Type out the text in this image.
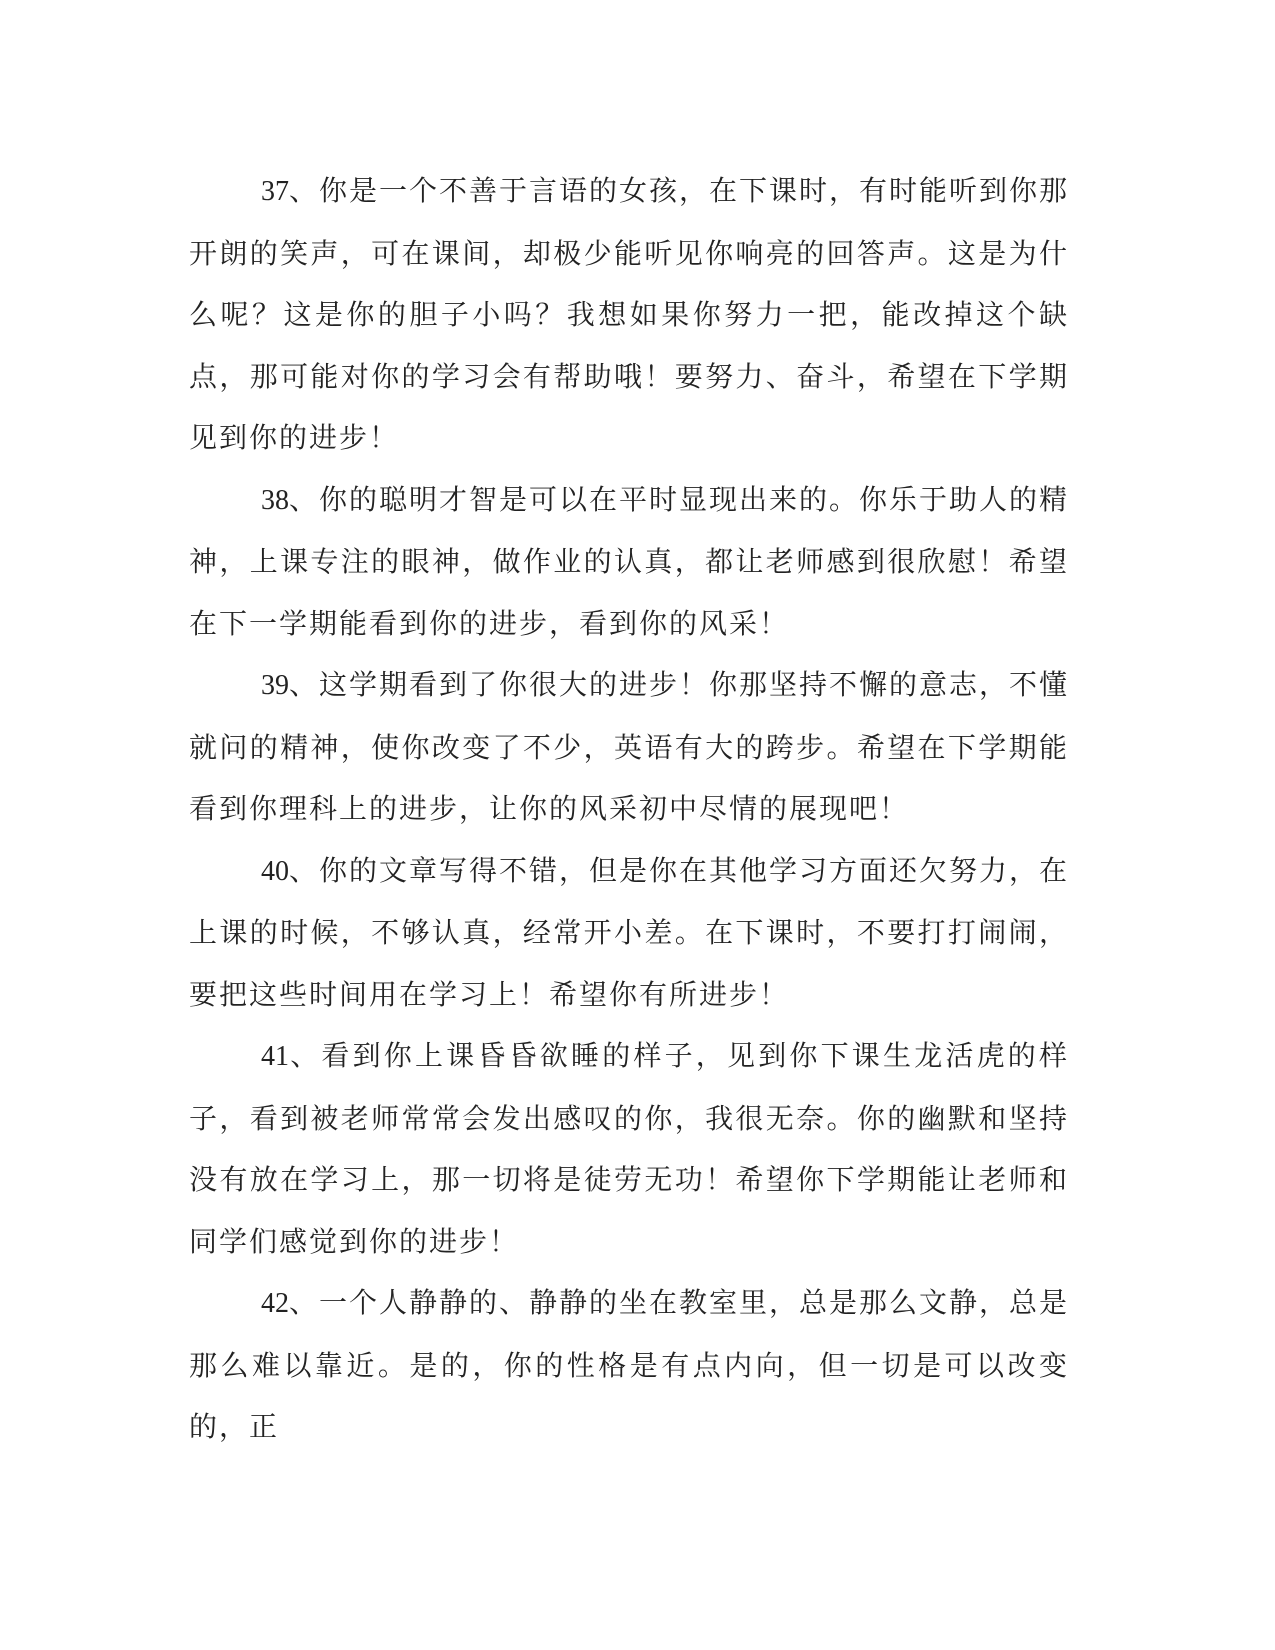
37、你是一个不善于言语的女孩，在下课时，有时能听到你那开朗的笑声，可在课间，却极少能听见你响亮的回答声。这是为什么呢？这是你的胆子小吗？我想如果你努力一把，能改掉这个缺点，那可能对你的学习会有帮助哦！要努力、奋斗，希望在下学期见到你的进步！

38、你的聪明才智是可以在平时显现出来的。你乐于助人的精神，上课专注的眼神，做作业的认真，都让老师感到很欣慰！希望在下一学期能看到你的进步，看到你的风采！

39、这学期看到了你很大的进步！你那坚持不懈的意志，不懂就问的精神，使你改变了不少，英语有大的跨步。希望在下学期能看到你理科上的进步，让你的风采初中尽情的展现吧！

40、你的文章写得不错，但是你在其他学习方面还欠努力，在上课的时候，不够认真，经常开小差。在下课时，不要打打闹闹，要把这些时间用在学习上！希望你有所进步！

41、看到你上课昏昏欲睡的样子，见到你下课生龙活虎的样子，看到被老师常常会发出感叹的你，我很无奈。你的幽默和坚持没有放在学习上，那一切将是徒劳无功！希望你下学期能让老师和同学们感觉到你的进步！

42、一个人静静的、静静的坐在教室里，总是那么文静，总是那么难以靠近。是的，你的性格是有点内向，但一切是可以改变的，正
